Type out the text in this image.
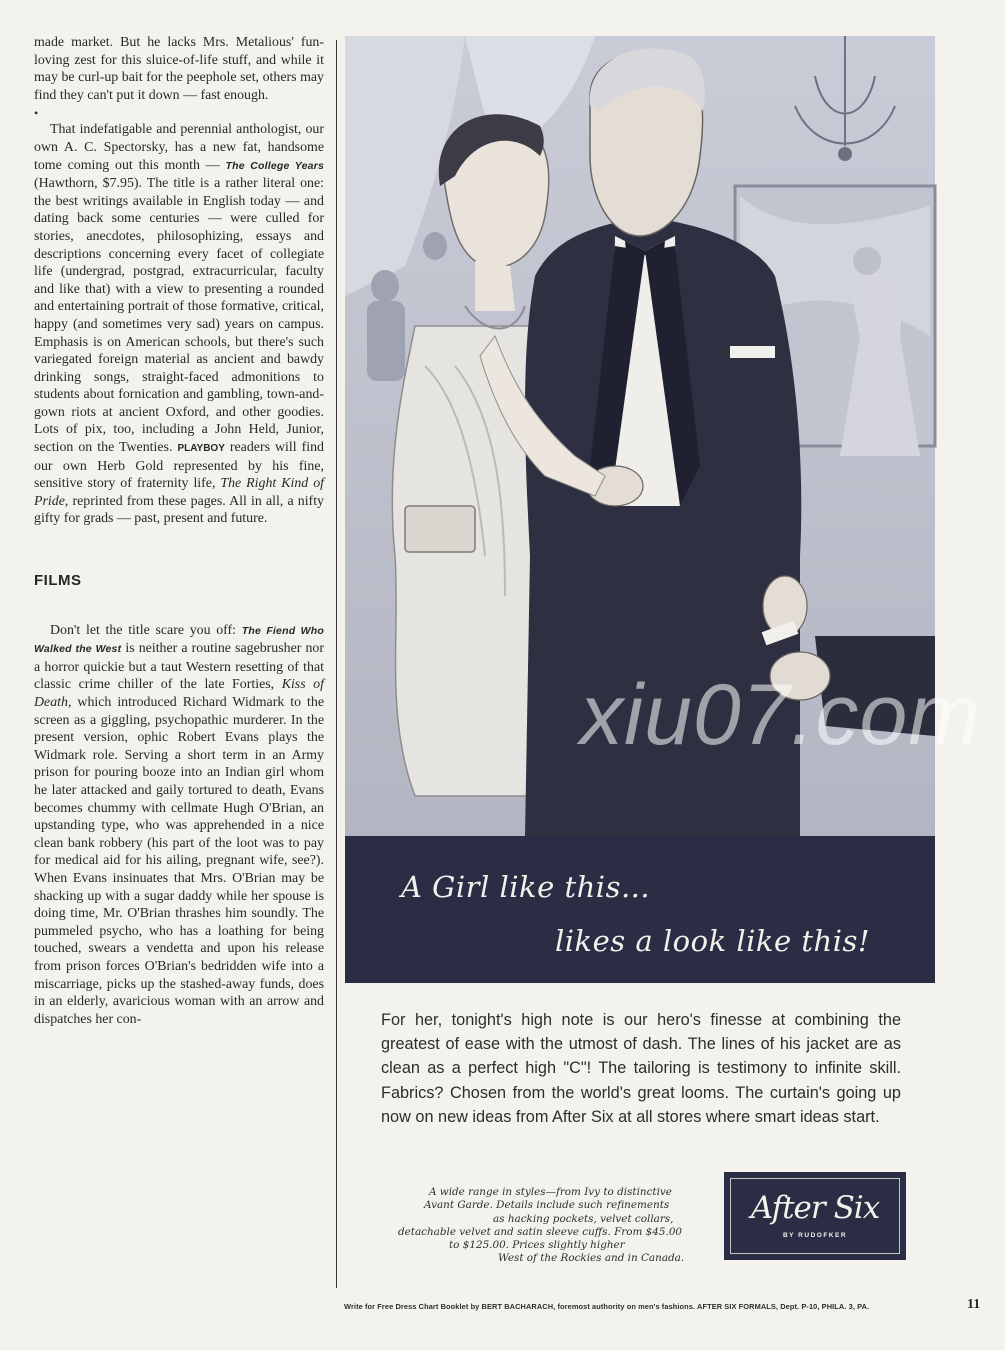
made market. But he lacks Mrs. Metalious' fun-loving zest for this sluice-of-life stuff, and while it may be curl-up bait for the peephole set, others may find they can't put it down — fast enough.

•

That indefatigable and perennial anthologist, our own A. C. Spectorsky, has a new fat, handsome tome coming out this month — The College Years (Hawthorn, $7.95). The title is a rather literal one: the best writings available in English today — and dating back some centuries — were culled for stories, anecdotes, philosophizing, essays and descriptions concerning every facet of collegiate life (undergrad, postgrad, extracurricular, faculty and like that) with a view to presenting a rounded and entertaining portrait of those formative, critical, happy (and sometimes very sad) years on campus. Emphasis is on American schools, but there's such variegated foreign material as ancient and bawdy drinking songs, straight-faced admonitions to students about fornication and gambling, town-and-gown riots at ancient Oxford, and other goodies. Lots of pix, too, including a John Held, Junior, section on the Twenties. PLAYBOY readers will find our own Herb Gold represented by his fine, sensitive story of fraternity life, The Right Kind of Pride, reprinted from these pages. All in all, a nifty gifty for grads — past, present and future.

FILMS

Don't let the title scare you off: The Fiend Who Walked the West is neither a routine sagebrusher nor a horror quickie but a taut Western resetting of that classic crime chiller of the late Forties, Kiss of Death, which introduced Richard Widmark to the screen as a giggling, psychopathic murderer. In the present version, ophic Robert Evans plays the Widmark role. Serving a short term in an Army prison for pouring booze into an Indian girl whom he later attacked and gaily tortured to death, Evans becomes chummy with cellmate Hugh O'Brian, an upstanding type, who was apprehended in a nice clean bank robbery (his part of the loot was to pay for medical aid for his ailing, pregnant wife, see?). When Evans insinuates that Mrs. O'Brian may be shacking up with a sugar daddy while her spouse is doing time, Mr. O'Brian thrashes him soundly. The pummeled psycho, who has a loathing for being touched, swears a vendetta and upon his release from prison forces O'Brian's bedridden wife into a miscarriage, picks up the stashed-away funds, does in an elderly, avaricious woman with an arrow and dispatches her con-

xiu07.com
A Girl like this...
likes a look like this!
For her, tonight's high note is our hero's finesse at combining the greatest of ease with the utmost of dash. The lines of his jacket are as clean as a perfect high "C"! The tailoring is testimony to infinite skill. Fabrics? Chosen from the world's great looms. The curtain's going up now on new ideas from After Six at all stores where smart ideas start.
A wide range in styles—from Ivy to distinctive
Avant Garde. Details include such refinements
as hacking pockets, velvet collars,
detachable velvet and satin sleeve cuffs. From $45.00
to $125.00. Prices slightly higher
West of the Rockies and in Canada.
After Six
BY RUDOFKER
Write for Free Dress Chart Booklet by BERT BACHARACH, foremost authority on men's fashions. AFTER SIX FORMALS, Dept. P-10, PHILA. 3, PA.	11
